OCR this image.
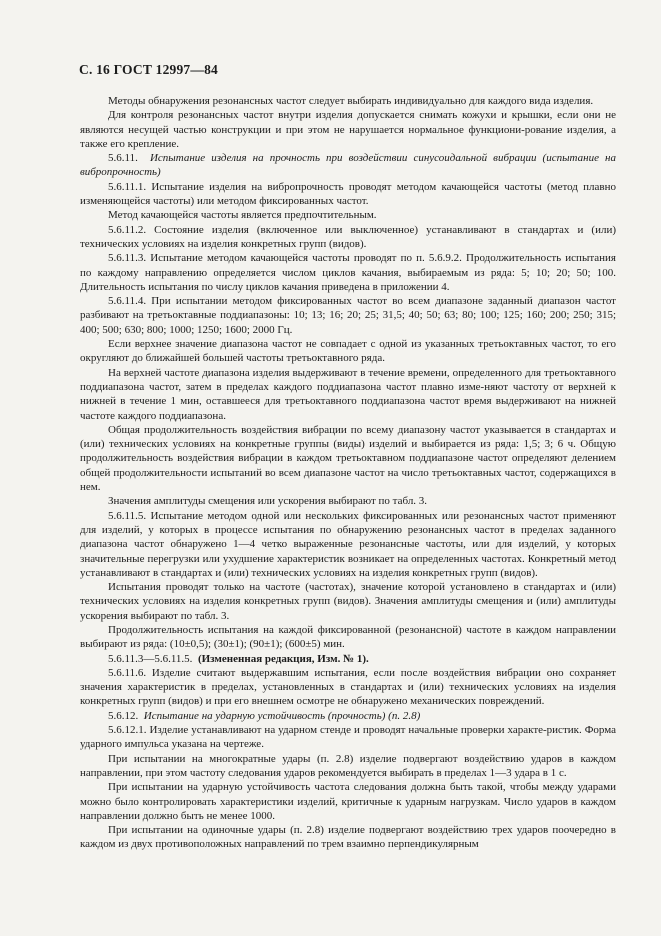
С. 16 ГОСТ 12997—84

Методы обнаружения резонансных частот следует выбирать индивидуально для каждого вида изделия.

Для контроля резонансных частот внутри изделия допускается снимать кожухи и крышки, если они не являются несущей частью конструкции и при этом не нарушается нормальное функциони-рование изделия, а также его крепление.

5.6.11. Испытание изделия на прочность при воздействии синусоидальной вибрации (испытание на вибропрочность)

5.6.11.1. Испытание изделия на вибропрочность проводят методом качающейся частоты (метод плавно изменяющейся частоты) или методом фиксированных частот.

Метод качающейся частоты является предпочтительным.

5.6.11.2. Состояние изделия (включенное или выключенное) устанавливают в стандартах и (или) технических условиях на изделия конкретных групп (видов).

5.6.11.3. Испытание методом качающейся частоты проводят по п. 5.6.9.2. Продолжительность испытания по каждому направлению определяется числом циклов качания, выбираемым из ряда: 5; 10; 20; 50; 100. Длительность испытания по числу циклов качания приведена в приложении 4.

5.6.11.4. При испытании методом фиксированных частот во всем диапазоне заданный диапазон частот разбивают на третьоктавные поддиапазоны: 10; 13; 16; 20; 25; 31,5; 40; 50; 63; 80; 100; 125; 160; 200; 250; 315; 400; 500; 630; 800; 1000; 1250; 1600; 2000 Гц.

Если верхнее значение диапазона частот не совпадает с одной из указанных третьоктавных частот, то его округляют до ближайшей большей частоты третьоктавного ряда.

На верхней частоте диапазона изделия выдерживают в течение времени, определенного для третьоктавного поддиапазона частот, затем в пределах каждого поддиапазона частот плавно изме-няют частоту от верхней к нижней в течение 1 мин, оставшееся для третьоктавного поддиапазона частот время выдерживают на нижней частоте каждого поддиапазона.

Общая продолжительность воздействия вибрации по всему диапазону частот указывается в стандартах и (или) технических условиях на конкретные группы (виды) изделий и выбирается из ряда: 1,5; 3; 6 ч. Общую продолжительность воздействия вибрации в каждом третьоктавном поддиапазоне частот определяют делением общей продолжительности испытаний во всем диапазоне частот на число третьоктавных частот, содержащихся в нем.

Значения амплитуды смещения или ускорения выбирают по табл. 3.

5.6.11.5. Испытание методом одной или нескольких фиксированных или резонансных частот применяют для изделий, у которых в процессе испытания по обнаружению резонансных частот в пределах заданного диапазона частот обнаружено 1—4 четко выраженные резонансные частоты, или для изделий, у которых значительные перегрузки или ухудшение характеристик возникает на определенных частотах. Конкретный метод устанавливают в стандартах и (или) технических условиях на изделия конкретных групп (видов).

Испытания проводят только на частоте (частотах), значение которой установлено в стандартах и (или) технических условиях на изделия конкретных групп (видов). Значения амплитуды смещения и (или) амплитуды ускорения выбирают по табл. 3.

Продолжительность испытания на каждой фиксированной (резонансной) частоте в каждом направлении выбирают из ряда: (10±0,5); (30±1); (90±1); (600±5) мин.

5.6.11.3—5.6.11.5. (Измененная редакция, Изм. № 1).

5.6.11.6. Изделие считают выдержавшим испытания, если после воздействия вибрации оно сохраняет значения характеристик в пределах, установленных в стандартах и (или) технических условиях на изделия конкретных групп (видов) и при его внешнем осмотре не обнаружено механических повреждений.

5.6.12. Испытание на ударную устойчивость (прочность) (п. 2.8)

5.6.12.1. Изделие устанавливают на ударном стенде и проводят начальные проверки характе-ристик. Форма ударного импульса указана на чертеже.

При испытании на многократные удары (п. 2.8) изделие подвергают воздействию ударов в каждом направлении, при этом частоту следования ударов рекомендуется выбирать в пределах 1—3 удара в 1 с.

При испытании на ударную устойчивость частота следования должна быть такой, чтобы между ударами можно было контролировать характеристики изделий, критичные к ударным нагрузкам. Число ударов в каждом направлении должно быть не менее 1000.

При испытании на одиночные удары (п. 2.8) изделие подвергают воздействию трех ударов поочередно в каждом из двух противоположных направлений по трем взаимно перпендикулярным
